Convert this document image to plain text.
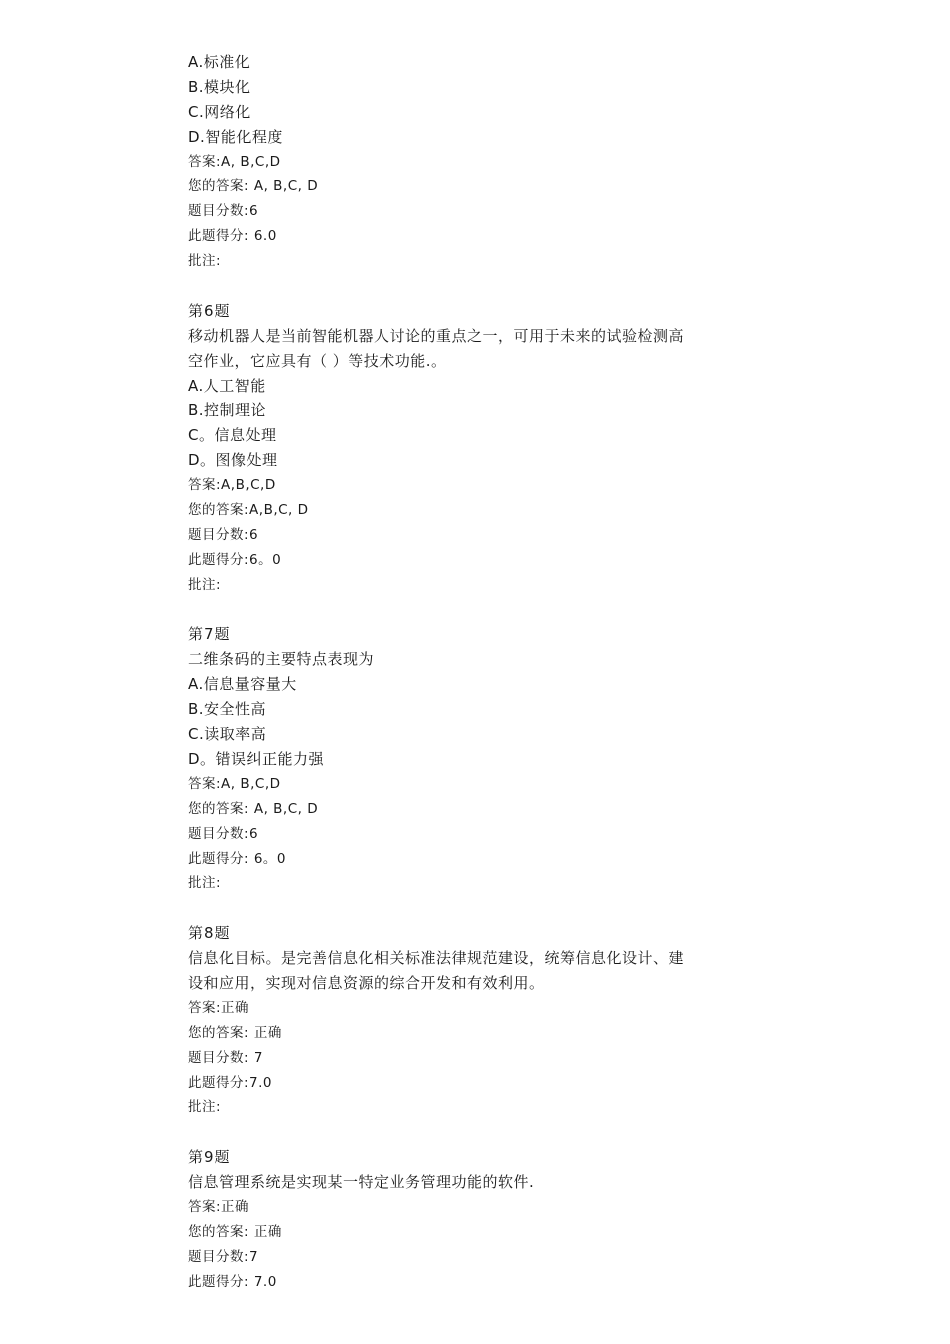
A.标准化
B.模块化
C.网络化
D.智能化程度
答案:A, B,C,D
您的答案: A, B,C, D
题目分数:6
此题得分: 6.0
批注:
第6题
移动机器人是当前智能机器人讨论的重点之一，可用于未来的试验检测高
空作业，它应具有（ ）等技术功能.。
A.人工智能
B.控制理论
C。信息处理
D。图像处理
答案:A,B,C,D
您的答案:A,B,C, D
题目分数:6
此题得分:6。0
批注:
第7题
二维条码的主要特点表现为
A.信息量容量大
B.安全性高
C.读取率高
D。错误纠正能力强
答案:A, B,C,D
您的答案: A, B,C, D
题目分数:6
此题得分: 6。0
批注:
第8题
信息化目标。是完善信息化相关标准法律规范建设，统筹信息化设计、建
设和应用，实现对信息资源的综合开发和有效利用。
答案:正确
您的答案: 正确
题目分数: 7
此题得分:7.0
批注:
第9题
信息管理系统是实现某一特定业务管理功能的软件.
答案:正确
您的答案: 正确
题目分数:7
此题得分: 7.0
